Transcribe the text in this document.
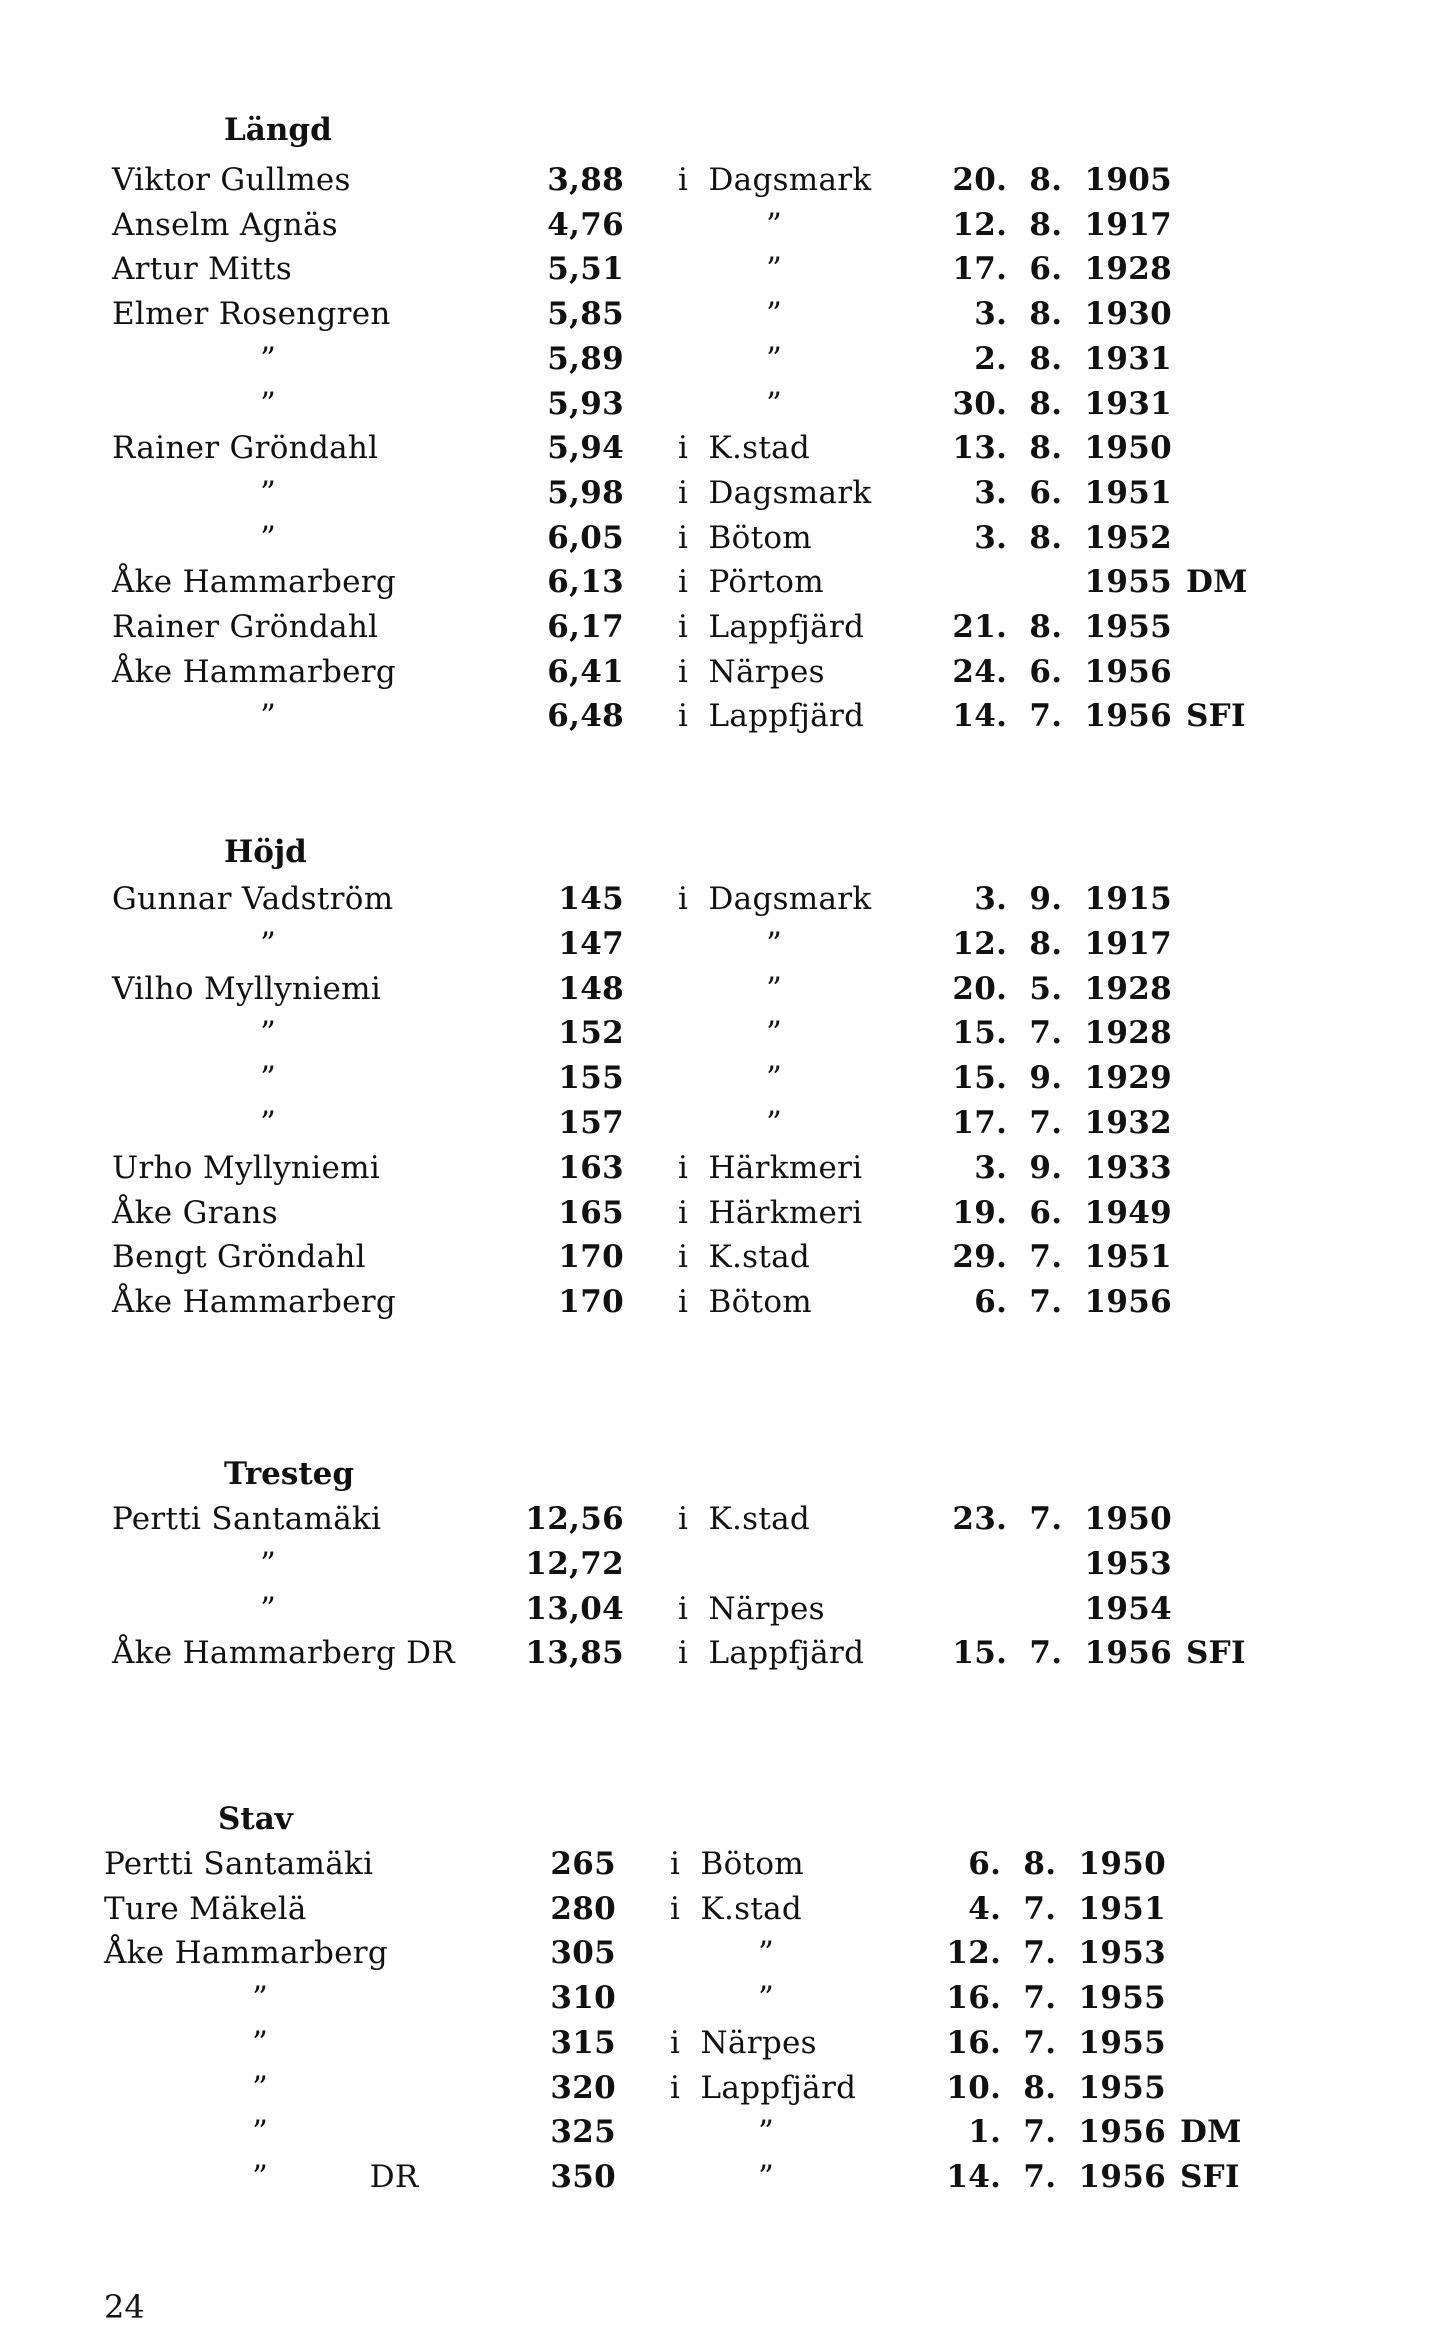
Längd
Viktor Gullmes	3,88 i  Dagsmark	20.  8.  1905
Anselm Agnäs	4,76	”	12.  8.  1917
Artur Mitts	5,51	”	17.  6.  1928
Elmer Rosengren	5,85	”	3.  8.  1930
”	5,89	”	2.  8.  1931
”	5,93	”	30.  8.  1931
Rainer Gröndahl	5,94 i  K.stad	13.  8.  1950
”	5,98 i  Dagsmark	3.  6.  1951
”	6,05 i  Bötom	3.  8.  1952
Åke Hammarberg	6,13 i  Pörtom	1955 DM
Rainer Gröndahl	6,17 i  Lappfjärd	21.  8.  1955
Åke Hammarberg	6,41 i  Närpes	24.  6.  1956
”	6,48 i  Lappfjärd	14.  7.  1956 SFI
Höjd
Gunnar Vadström	145 i  Dagsmark	3.  9.  1915
”	147	”	12.  8.  1917
Vilho Myllyniemi	148	”	20.  5.  1928
”	152	”	15.  7.  1928
”	155	”	15.  9.  1929
”	157	”	17.  7.  1932
Urho Myllyniemi	163 i  Härkmeri	3.  9.  1933
Åke Grans	165 i  Härkmeri	19.  6.  1949
Bengt Gröndahl	170 i  K.stad	29.  7.  1951
Åke Hammarberg	170 i  Bötom	6.  7.  1956
Tresteg
Pertti Santamäki	12,56 i  K.stad	23.  7.  1950
”	12,72	1953
”	13,04 i  Närpes	1954
Åke Hammarberg DR 13,85 i  Lappfjärd	15.  7.  1956 SFI
Stav
Pertti Santamäki	265 i  Bötom	6.  8.  1950
Ture Mäkelä	280 i  K.stad	4.  7.  1951
Åke Hammarberg	305	”	12.  7.  1953
”	310	”	16.  7.  1955
”	315 i  Närpes	16.  7.  1955
”	320 i  Lappfjärd	10.  8.  1955
”	325	”	1.  7.  1956 DM
”          DR	350	”	14.  7.  1956 SFI
24
